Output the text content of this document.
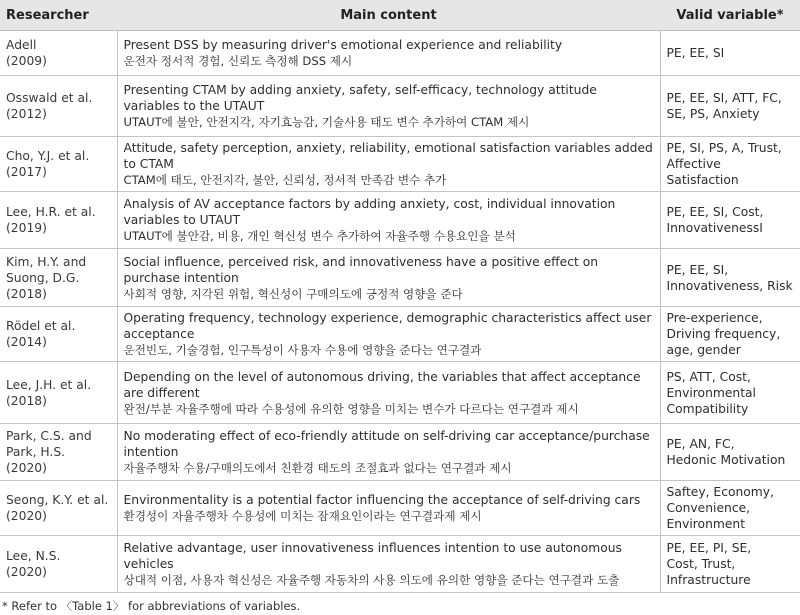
Researcher	Main content	Valid variable*

Adell
(2009)	Present DSS by measuring driver's emotional experience and reliability
운전자 정서적 경험, 신뢰도 측정해 DSS 제시	PE, EE, SI

Osswald et al.
(2012)	Presenting CTAM by adding anxiety, safety, self-efficacy, technology attitude variables to the UTAUT
UTAUT에 불안, 안전지각, 자기효능감, 기술사용 태도 변수 추가하여 CTAM 제시	PE, EE, SI, ATT, FC,
SE, PS, Anxiety

Cho, Y.J. et al.
(2017)	Attitude, safety perception, anxiety, reliability, emotional satisfaction variables added to CTAM
CTAM에 태도, 안전지각, 불안, 신뢰성, 정서적 만족감 변수 추가	PE, SI, PS, A, Trust,
Affective Satisfaction

Lee, H.R. et al.
(2019)	Analysis of AV acceptance factors by adding anxiety, cost, individual innovation variables to UTAUT
UTAUT에 불안감, 비용, 개인 혁신성 변수 추가하여 자율주행 수용요인을 분석	PE, EE, SI, Cost,
InnovativenessI

Kim, H.Y. and
Suong, D.G.
(2018)	Social influence, perceived risk, and innovativeness have a positive effect on purchase intention
사회적 영향, 지각된 위험, 혁신성이 구매의도에 긍정적 영향을 준다	PE, EE, SI,
Innovativeness, Risk

Rödel et al.
(2014)	Operating frequency, technology experience, demographic characteristics affect user acceptance
운전빈도, 기술경험, 인구특성이 사용자 수용에 영향을 준다는 연구결과	Pre-experience,
Driving frequency,
age, gender

Lee, J.H. et al.
(2018)	Depending on the level of autonomous driving, the variables that affect acceptance are different
완전/부분 자율주행에 따라 수용성에 유의한 영향을 미치는 변수가 다르다는 연구결과 제시	PS, ATT, Cost,
Environmental
Compatibility

Park, C.S. and
Park, H.S.
(2020)	No moderating effect of eco-friendly attitude on self-driving car acceptance/purchase intention
자율주행차 수용/구매의도에서 친환경 태도의 조절효과 없다는 연구결과 제시	PE, AN, FC,
Hedonic Motivation

Seong, K.Y. et al.
(2020)	Environmentality is a potential factor influencing the acceptance of self-driving cars
환경성이 자율주행차 수용성에 미치는 잠재요인이라는 연구결과제 제시	Saftey, Economy,
Convenience,
Environment

Lee, N.S.
(2020)	Relative advantage, user innovativeness influences intention to use autonomous vehicles
상대적 이점, 사용자 혁신성은 자율주행 자동차의 사용 의도에 유의한 영향을 준다는 연구결과 도출	PE, EE, PI, SE,
Cost, Trust,
Infrastructure
* Refer to 〈Table 1〉 for abbreviations of variables.
